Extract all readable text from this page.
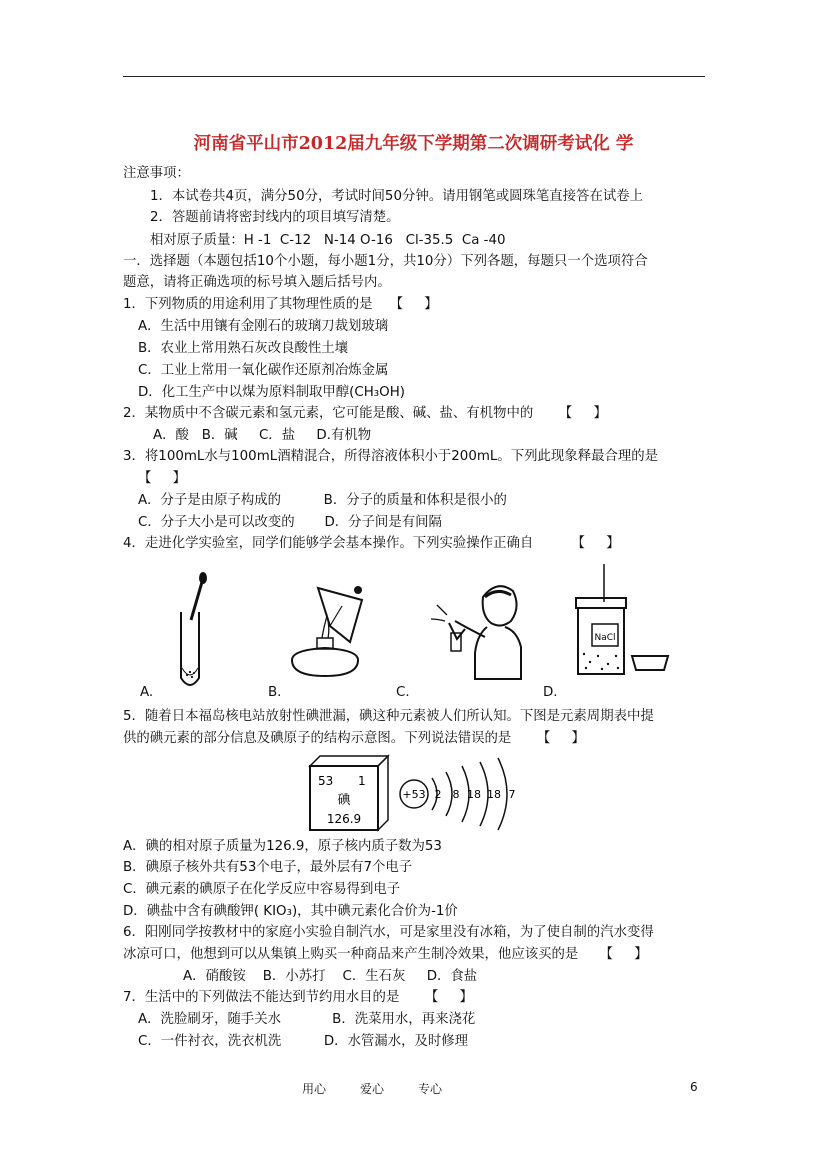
河南省平山市2012届九年级下学期第二次调研考试化 学
注意事项：
1．本试卷共4页，满分50分，考试时间50分钟。请用钢笔或圆珠笔直接答在试卷上
2．答题前请将密封线内的项目填写清楚。
相对原子质量：H -1  C-12   N-14 O-16   Cl-35.5  Ca -40
一．选择题（本题包括10个小题，每小题1分，共10分）下列各题，每题只一个选项符合
题意，请将正确选项的标号填入题后括号内。
1．下列物质的用途利用了其物理性质的是    【     】
A．生活中用镶有金刚石的玻璃刀裁划玻璃
B．农业上常用熟石灰改良酸性土壤
C．工业上常用一氧化碳作还原剂冶炼金属
D．化工生产中以煤为原料制取甲醇(CH₃OH)
2．某物质中不含碳元素和氢元素，它可能是酸、碱、盐、有机物中的      【     】
A．酸   B．碱     C．盐     D.有机物
3．将100mL水与100mL酒精混合，所得溶液体积小于200mL。下列此现象释最合理的是
【     】
A．分子是由原子构成的          B．分子的质量和体积是很小的
C．分子大小是可以改变的       D．分子间是有间隔
4．走进化学实验室，同学们能够学会基本操作。下列实验操作正确自         【     】
NaCl
A.	B.	C.	D.
5．随着日本福岛核电站放射性碘泄漏，碘这种元素被人们所认知。下图是元素周期表中提
供的碘元素的部分信息及碘原子的结构示意图。下列说法错误的是      【     】
53 1
碘
126.9
+53 2 8 18 18 7
A．碘的相对原子质量为126.9，原子核内质子数为53
B．碘原子核外共有53个电子，最外层有7个电子
C．碘元素的碘原子在化学反应中容易得到电子
D．碘盐中含有碘酸钾( KIO₃)，其中碘元素化合价为-1价
6．阳刚同学按教材中的家庭小实验自制汽水，可是家里没有冰箱，为了使自制的汽水变得
冰凉可口，他想到可以从集镇上购买一种商品来产生制冷效果，他应该买的是     【     】
A．硝酸铵    B．小苏打    C．生石灰     D．食盐
7．生活中的下列做法不能达到节约用水目的是      【     】
A．洗脸刷牙，随手关水            B．洗菜用水，再来浇花
C．一件衬衣，洗衣机洗          D．水管漏水，及时修理
用心	爱心	专心	6
